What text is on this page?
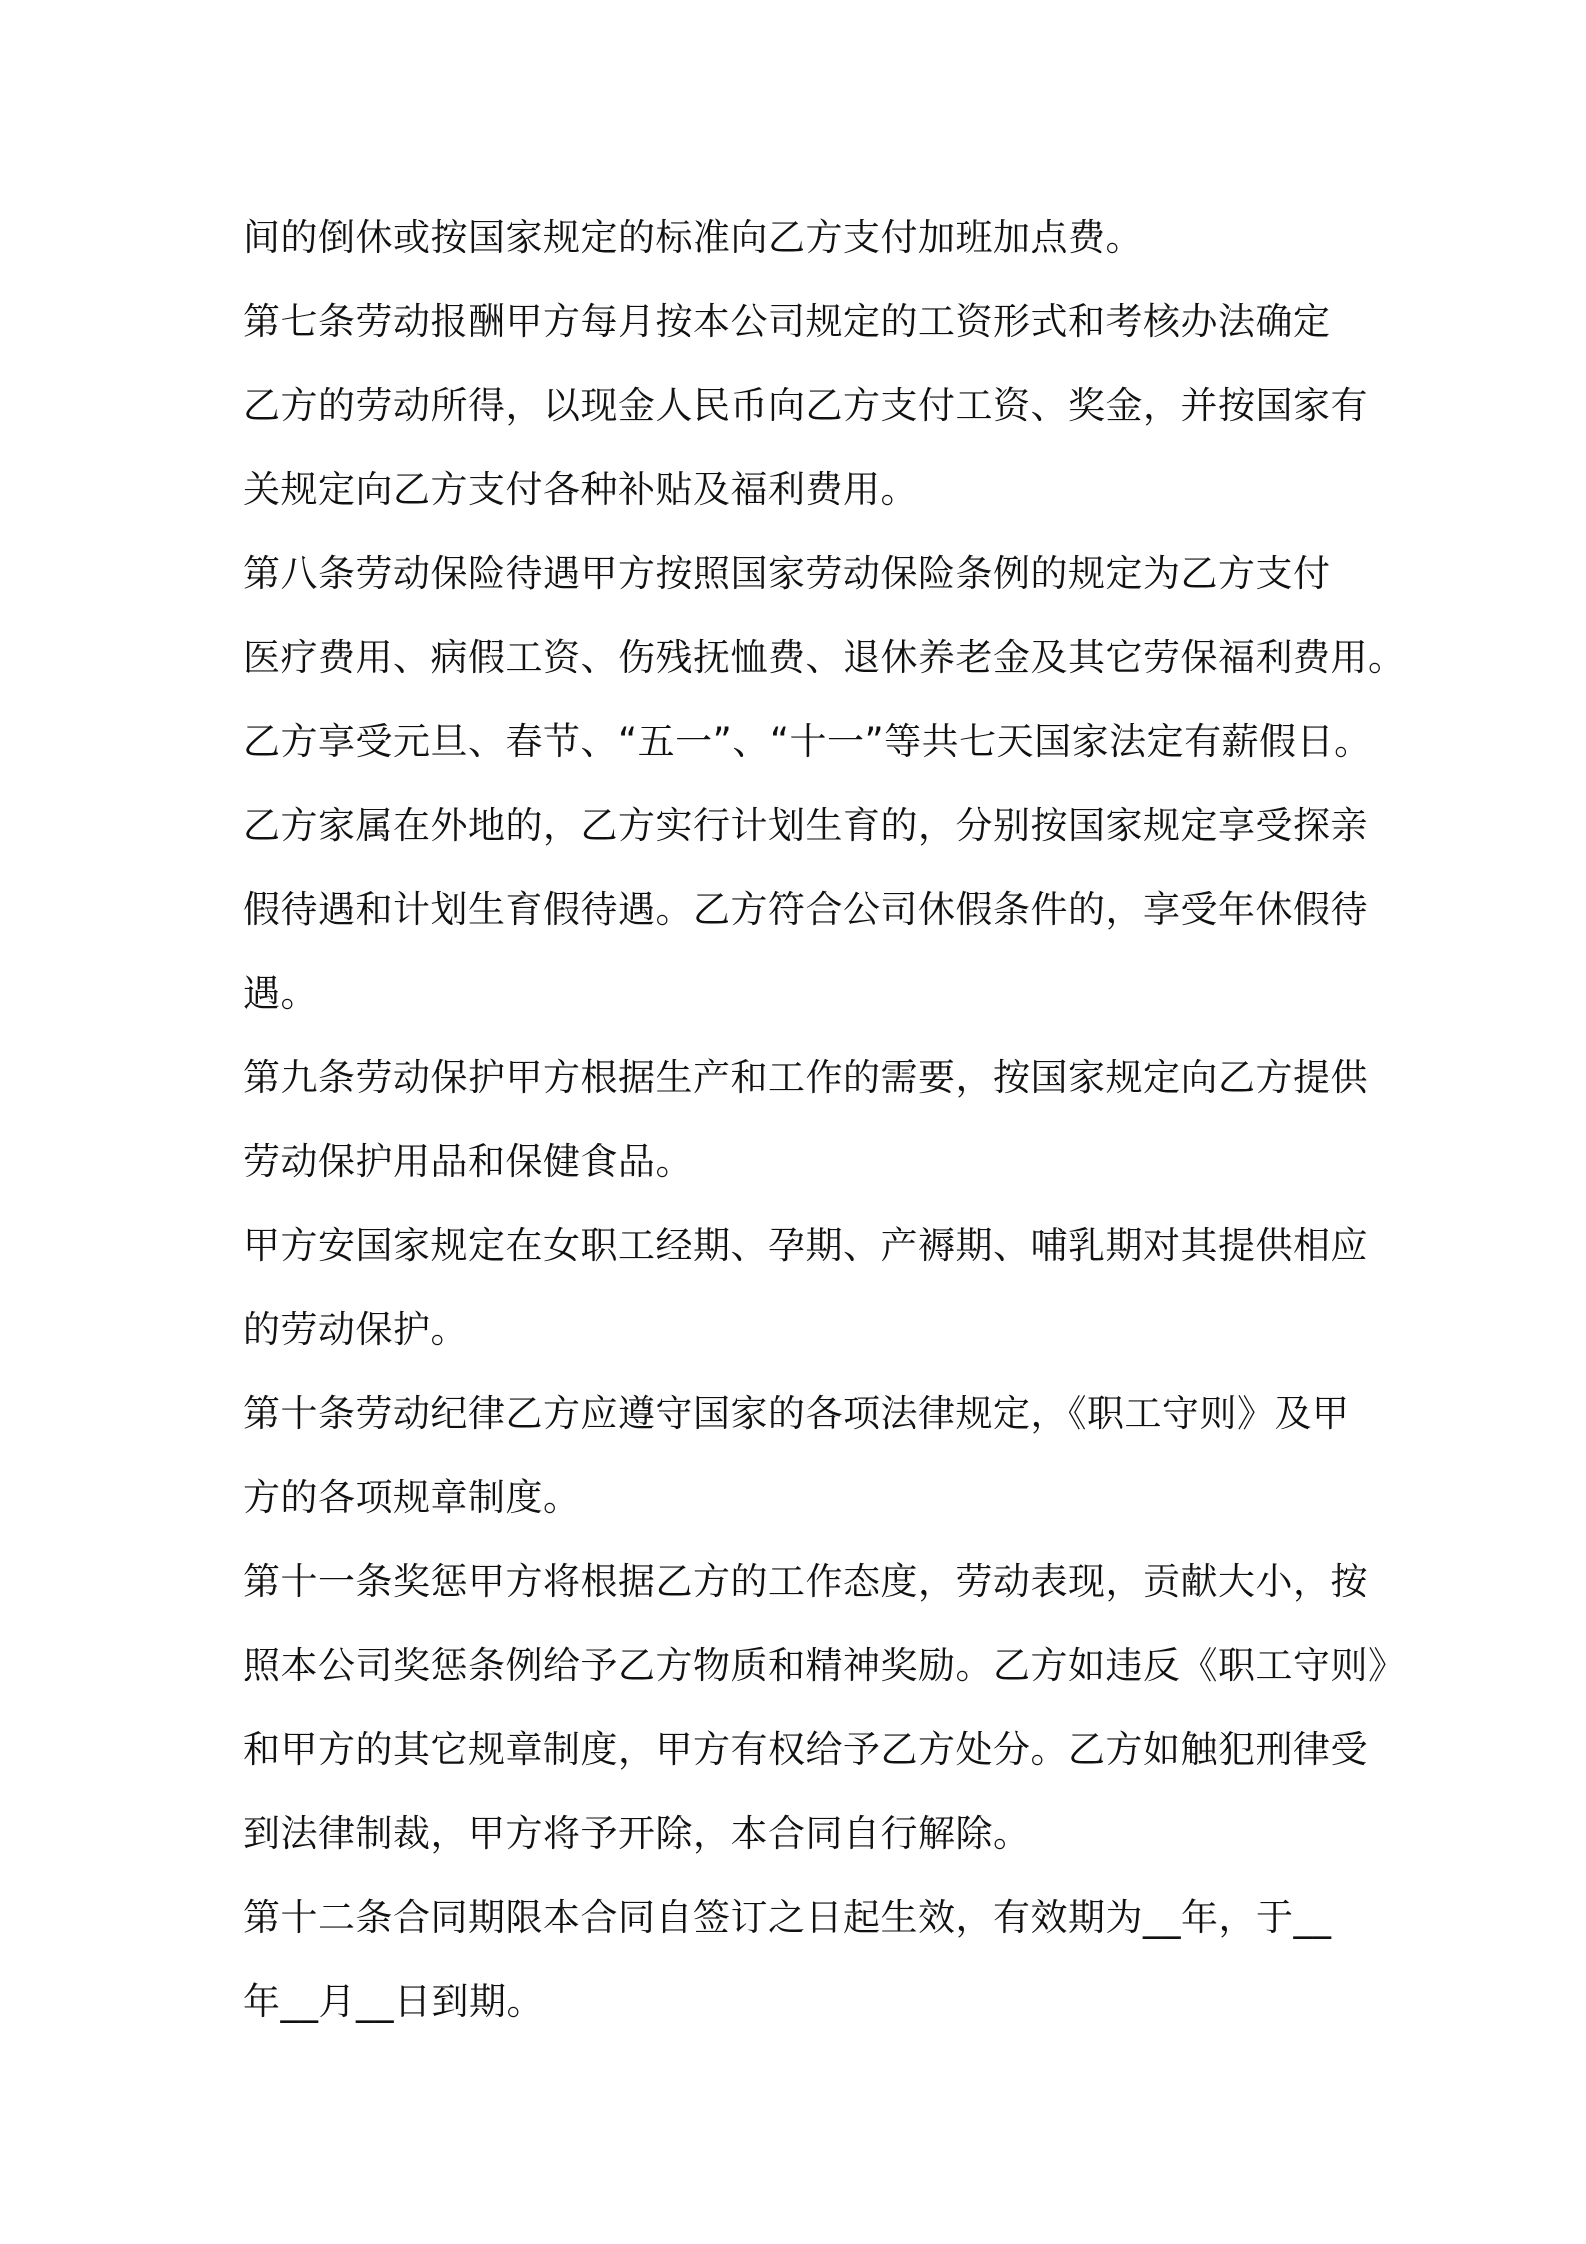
间的倒休或按国家规定的标准向乙方支付加班加点费。
第七条劳动报酬甲方每月按本公司规定的工资形式和考核办法确定
乙方的劳动所得，以现金人民币向乙方支付工资、奖金，并按国家有
关规定向乙方支付各种补贴及福利费用。
第八条劳动保险待遇甲方按照国家劳动保险条例的规定为乙方支付
医疗费用、病假工资、伤残抚恤费、退休养老金及其它劳保福利费用。
乙方享受元旦、春节、“五一”、“十一”等共七天国家法定有薪假日。
乙方家属在外地的，乙方实行计划生育的，分别按国家规定享受探亲
假待遇和计划生育假待遇。乙方符合公司休假条件的，享受年休假待
遇。
第九条劳动保护甲方根据生产和工作的需要，按国家规定向乙方提供
劳动保护用品和保健食品。
甲方安国家规定在女职工经期、孕期、产褥期、哺乳期对其提供相应
的劳动保护。
第十条劳动纪律乙方应遵守国家的各项法律规定，《职工守则》及甲
方的各项规章制度。
第十一条奖惩甲方将根据乙方的工作态度，劳动表现，贡献大小，按
照本公司奖惩条例给予乙方物质和精神奖励。乙方如违反《职工守则》
和甲方的其它规章制度，甲方有权给予乙方处分。乙方如触犯刑律受
到法律制裁，甲方将予开除，本合同自行解除。
第十二条合同期限本合同自签订之日起生效，有效期为__年，于__
年__月__日到期。
